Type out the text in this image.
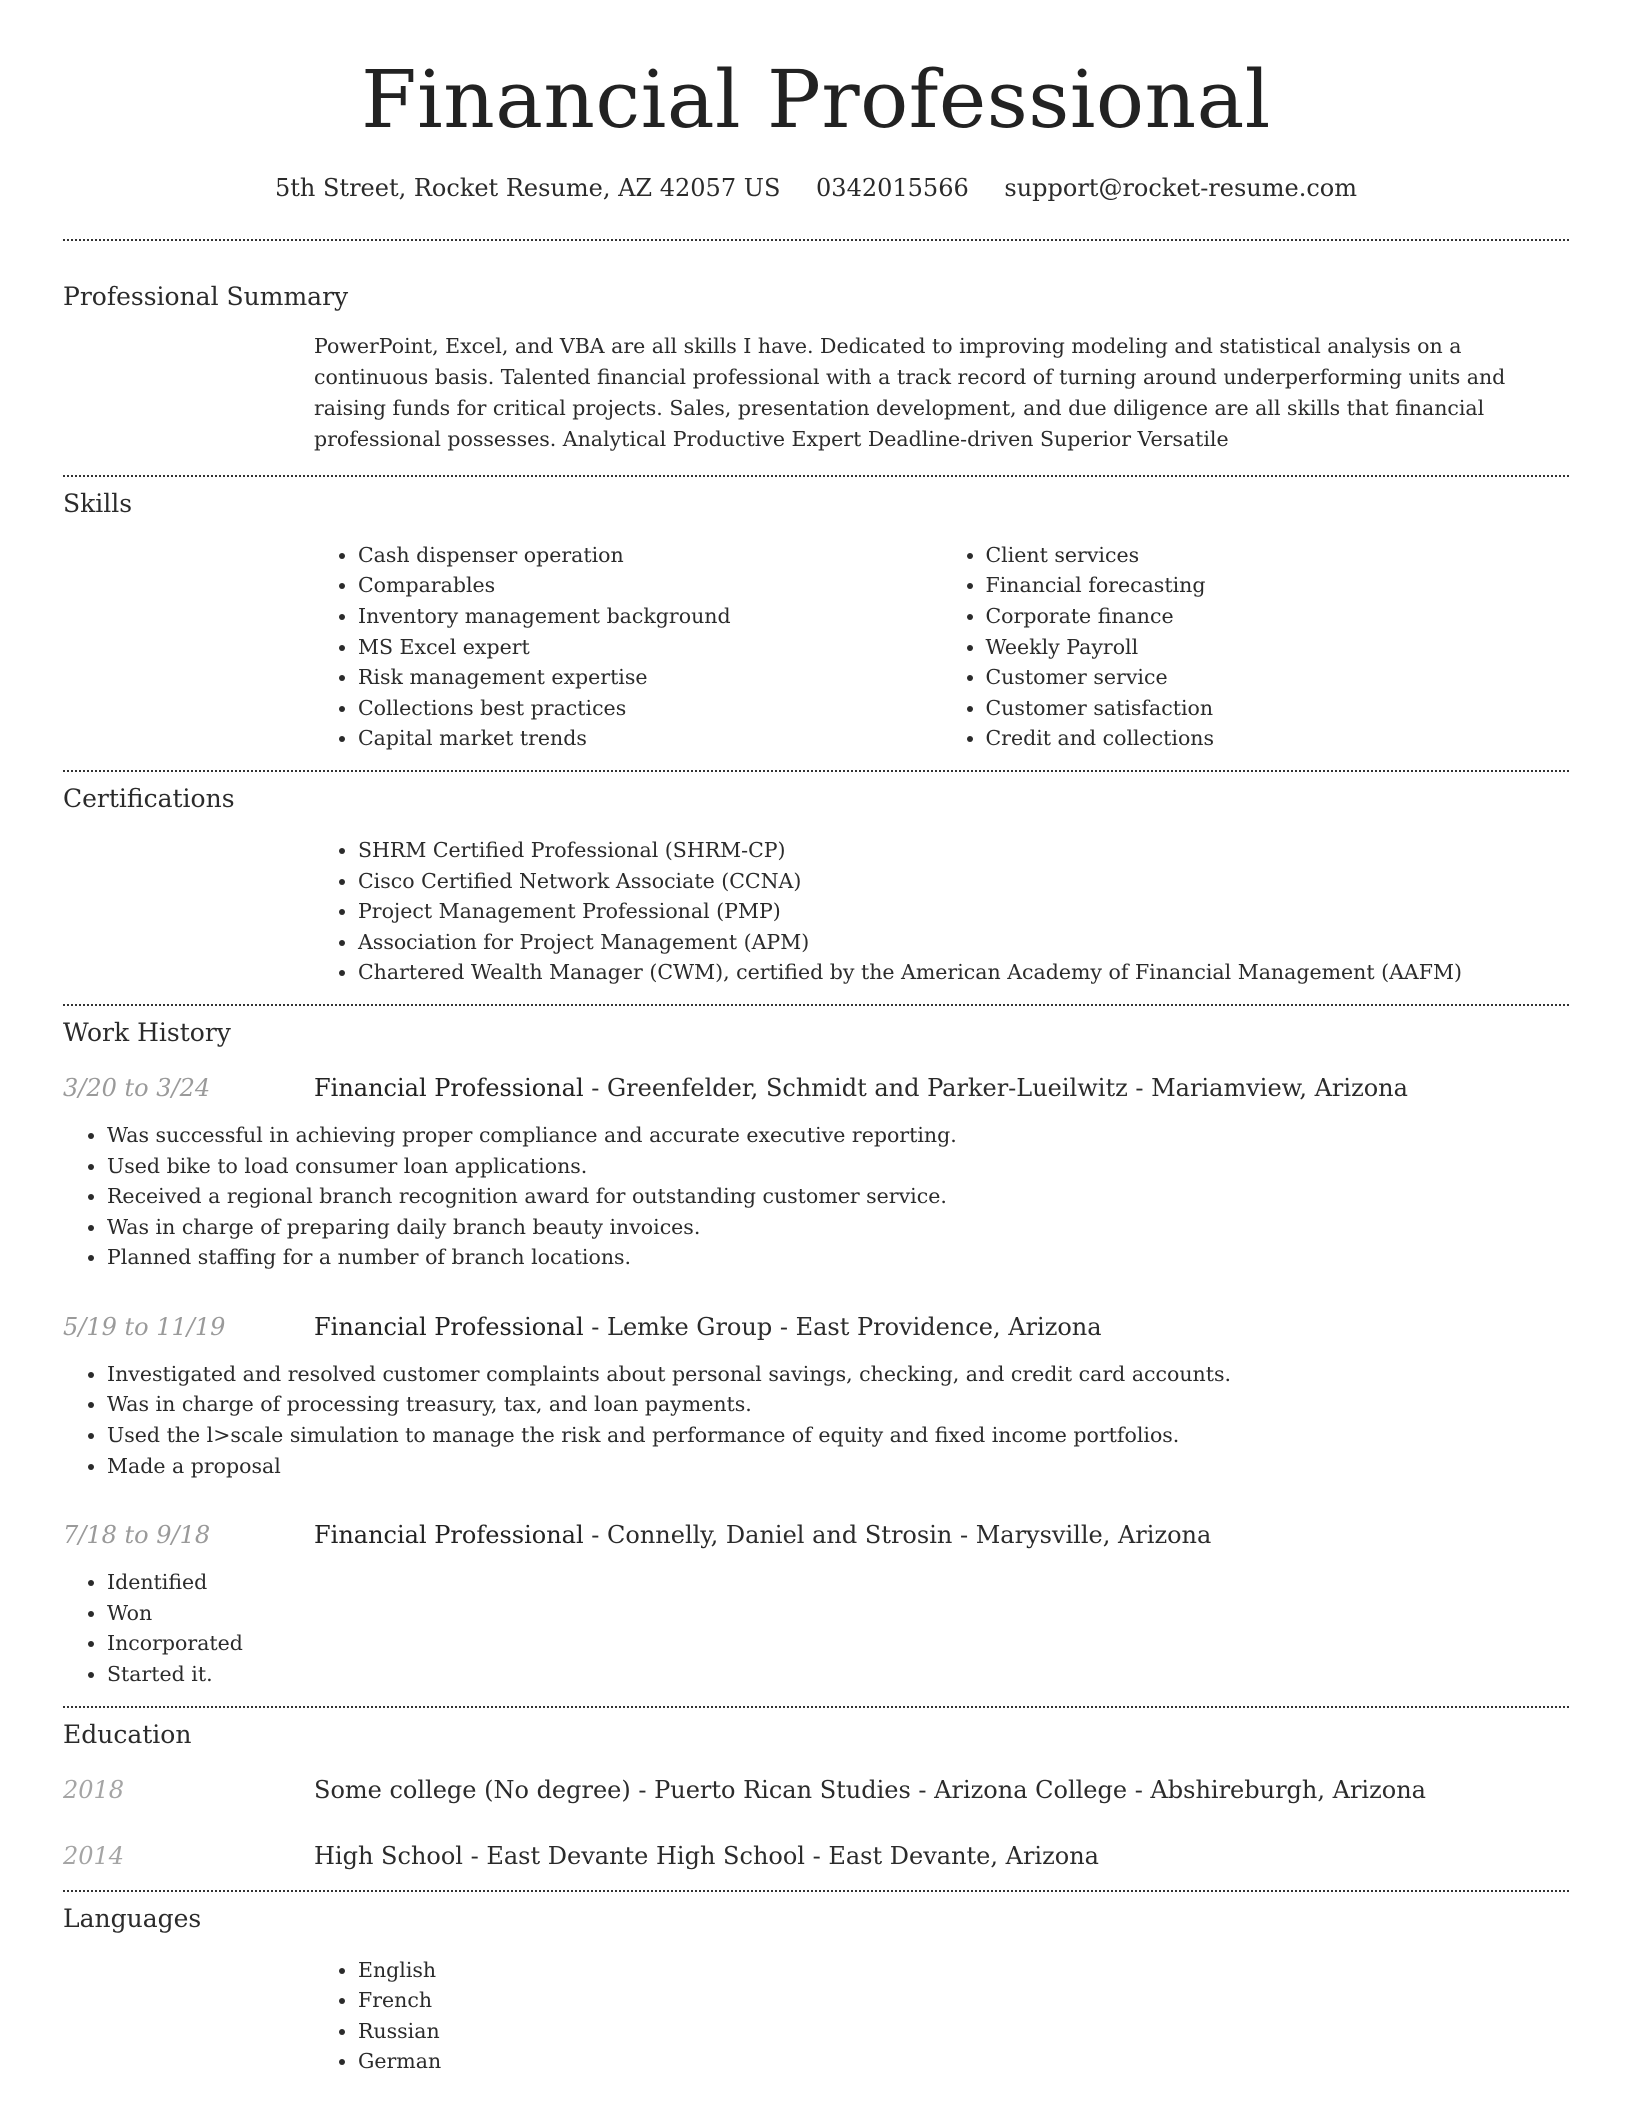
Financial Professional
5th Street, Rocket Resume, AZ 42057 US 0342015566 support@rocket-resume.com
Professional Summary
PowerPoint, Excel, and VBA are all skills I have. Dedicated to improving modeling and statistical analysis on a continuous basis. Talented financial professional with a track record of turning around underperforming units and raising funds for critical projects. Sales, presentation development, and due diligence are all skills that financial professional possesses. Analytical Productive Expert Deadline-driven Superior Versatile
Skills
• Cash dispenser operation
• Comparables
• Inventory management background
• MS Excel expert
• Risk management expertise
• Collections best practices
• Capital market trends
• Client services
• Financial forecasting
• Corporate finance
• Weekly Payroll
• Customer service
• Customer satisfaction
• Credit and collections
Certifications
• SHRM Certified Professional (SHRM-CP)
• Cisco Certified Network Associate (CCNA)
• Project Management Professional (PMP)
• Association for Project Management (APM)
• Chartered Wealth Manager (CWM), certified by the American Academy of Financial Management (AAFM)
Work History
3/20 to 3/24	Financial Professional - Greenfelder, Schmidt and Parker-Lueilwitz - Mariamview, Arizona
• Was successful in achieving proper compliance and accurate executive reporting.
• Used bike to load consumer loan applications.
• Received a regional branch recognition award for outstanding customer service.
• Was in charge of preparing daily branch beauty invoices.
• Planned staffing for a number of branch locations.
5/19 to 11/19	Financial Professional - Lemke Group - East Providence, Arizona
• Investigated and resolved customer complaints about personal savings, checking, and credit card accounts.
• Was in charge of processing treasury, tax, and loan payments.
• Used the l>scale simulation to manage the risk and performance of equity and fixed income portfolios.
• Made a proposal
7/18 to 9/18	Financial Professional - Connelly, Daniel and Strosin - Marysville, Arizona
• Identified
• Won
• Incorporated
• Started it.
Education
2018	Some college (No degree) - Puerto Rican Studies - Arizona College - Abshireburgh, Arizona
2014	High School - East Devante High School - East Devante, Arizona
Languages
• English
• French
• Russian
• German
